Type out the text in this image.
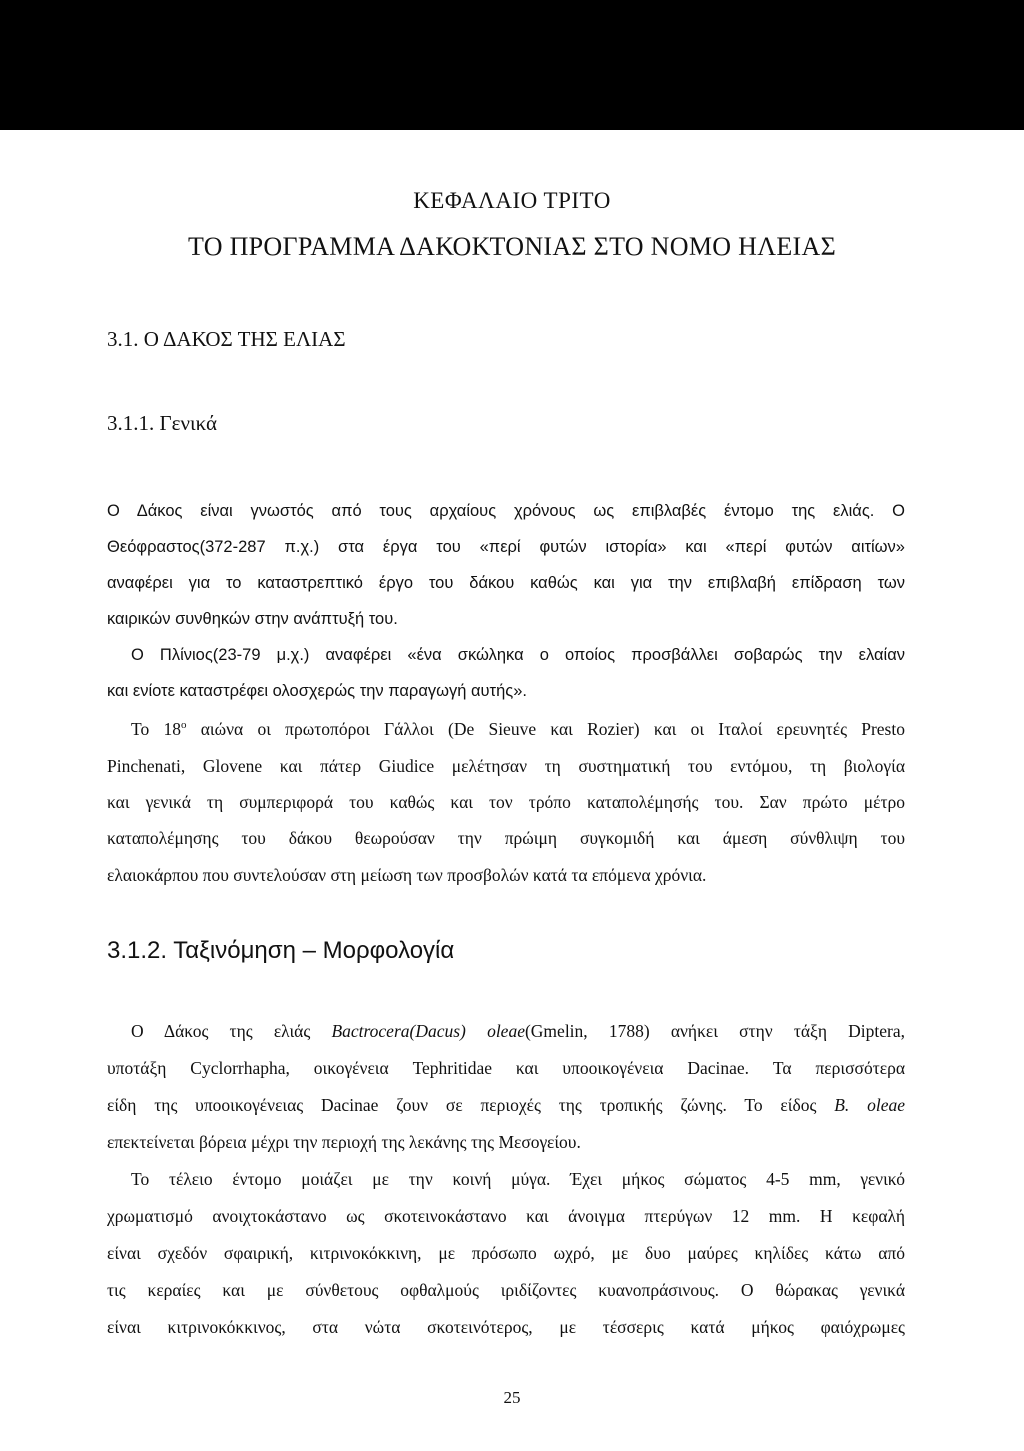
ΚΕΦΑΛΑΙΟ ΤΡΙΤΟ
ΤΟ ΠΡΟΓΡΑΜΜΑ ΔΑΚΟΚΤΟΝΙΑΣ ΣΤΟ ΝΟΜΟ ΗΛΕΙΑΣ
3.1. Ο ΔΑΚΟΣ ΤΗΣ ΕΛΙΑΣ
3.1.1. Γενικά
Ο Δάκος είναι γνωστός από τους αρχαίους χρόνους ως επιβλαβές έντομο της ελιάς. Ο
Θεόφραστος(372-287 π.χ.) στα έργα του «περί φυτών ιστορία» και «περί φυτών αιτίων»
αναφέρει για το καταστρεπτικό έργο του δάκου καθώς και για την επιβλαβή επίδραση των
καιρικών συνθηκών στην ανάπτυξή του.
Ο Πλίνιος(23-79 μ.χ.) αναφέρει «ένα σκώληκα ο οποίος προσβάλλει σοβαρώς την ελαίαν
και ενίοτε καταστρέφει ολοσχερώς την παραγωγή αυτής».
Το $18^o$ αιώνα οι πρωτοπόροι Γάλλοι (De Sieuve και Rozier) και οι Ιταλοί ερευνητές Presto
Pinchenati, Glovene και πάτερ Giudice μελέτησαν τη συστηματική του εντόμου, τη βιολογία
και γενικά τη συμπεριφορά του καθώς και τον τρόπο καταπολέμησής του. Σαν πρώτο μέτρο
καταπολέμησης του δάκου θεωρούσαν την πρώιμη συγκομιδή και άμεση σύνθλιψη του
ελαιοκάρπου που συντελούσαν στη μείωση των προσβολών κατά τα επόμενα χρόνια.
3.1.2. Ταξινόμηση – Μορφολογία
Ο Δάκος της ελιάς Bactrocera(Dacus) oleae(Gmelin, 1788) ανήκει στην τάξη Diptera,
υποτάξη Cyclorrhapha, οικογένεια Tephritidae και υποοικογένεια Dacinae. Τα περισσότερα
είδη της υποοικογένειας Dacinae ζουν σε περιοχές της τροπικής ζώνης. Το είδος B. oleae
επεκτείνεται βόρεια μέχρι την περιοχή της λεκάνης της Μεσογείου.
Το τέλειο έντομο μοιάζει με την κοινή μύγα. Έχει μήκος σώματος 4-5 mm, γενικό
χρωματισμό ανοιχτοκάστανο ως σκοτεινοκάστανο και άνοιγμα πτερύγων 12 mm. Η κεφαλή
είναι σχεδόν σφαιρική, κιτρινοκόκκινη, με πρόσωπο ωχρό, με δυο μαύρες κηλίδες κάτω από
τις κεραίες και με σύνθετους οφθαλμούς ιριδίζοντες κυανοπράσινους. Ο θώρακας γενικά
είναι κιτρινοκόκκινος, στα νώτα σκοτεινότερος, με τέσσερις κατά μήκος φαιόχρωμες
25
